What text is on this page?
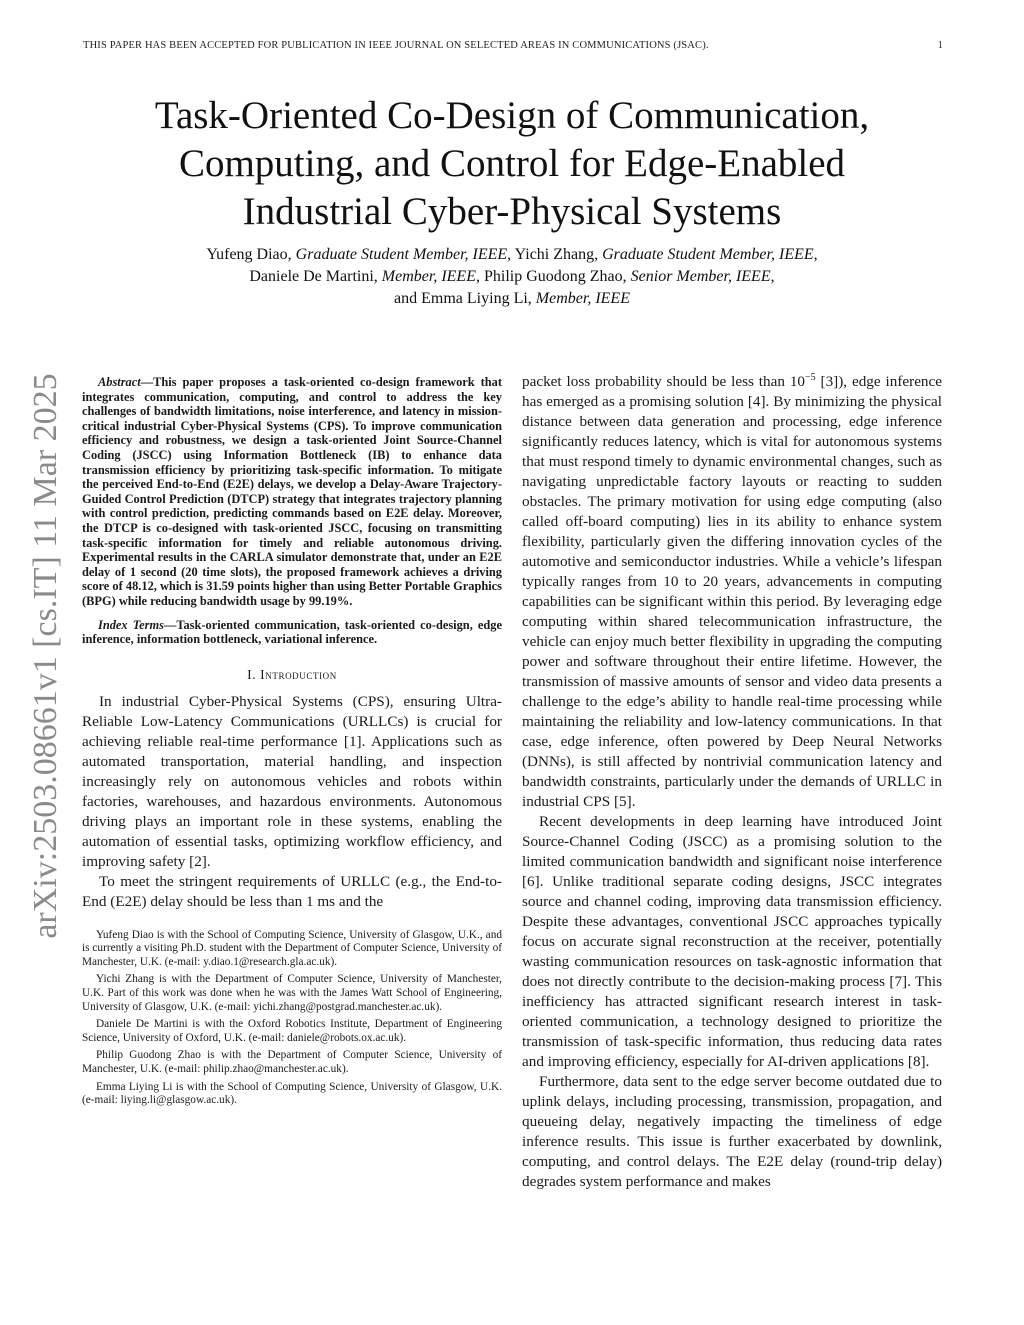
THIS PAPER HAS BEEN ACCEPTED FOR PUBLICATION IN IEEE JOURNAL ON SELECTED AREAS IN COMMUNICATIONS (JSAC).	1
Task-Oriented Co-Design of Communication,
Computing, and Control for Edge-Enabled
Industrial Cyber-Physical Systems
Yufeng Diao, Graduate Student Member, IEEE, Yichi Zhang, Graduate Student Member, IEEE,
Daniele De Martini, Member, IEEE, Philip Guodong Zhao, Senior Member, IEEE,
and Emma Liying Li, Member, IEEE
arXiv:2503.08661v1 [cs.IT] 11 Mar 2025	Abstract—This paper proposes a task-oriented co-design framework that integrates communication, computing, and control to address the key challenges of bandwidth limitations, noise interference, and latency in mission-critical industrial Cyber-Physical Systems (CPS). To improve communication efficiency and robustness, we design a task-oriented Joint Source-Channel Coding (JSCC) using Information Bottleneck (IB) to enhance data transmission efficiency by prioritizing task-specific information. To mitigate the perceived End-to-End (E2E) delays, we develop a Delay-Aware Trajectory-Guided Control Prediction (DTCP) strategy that integrates trajectory planning with control prediction, predicting commands based on E2E delay. Moreover, the DTCP is co-designed with task-oriented JSCC, focusing on transmitting task-specific information for timely and reliable autonomous driving. Experimental results in the CARLA simulator demonstrate that, under an E2E delay of 1 second (20 time slots), the proposed framework achieves a driving score of 48.12, which is 31.59 points higher than using Better Portable Graphics (BPG) while reducing bandwidth usage by 99.19%.

Index Terms—Task-oriented communication, task-oriented co-design, edge inference, information bottleneck, variational inference.

I. Introduction

In industrial Cyber-Physical Systems (CPS), ensuring Ultra-Reliable Low-Latency Communications (URLLCs) is crucial for achieving reliable real-time performance [1]. Applications such as automated transportation, material handling, and inspection increasingly rely on autonomous vehicles and robots within factories, warehouses, and hazardous environments. Autonomous driving plays an important role in these systems, enabling the automation of essential tasks, optimizing workflow efficiency, and improving safety [2].

To meet the stringent requirements of URLLC (e.g., the End-to-End (E2E) delay should be less than 1 ms and the

Yufeng Diao is with the School of Computing Science, University of Glasgow, U.K., and is currently a visiting Ph.D. student with the Department of Computer Science, University of Manchester, U.K. (e-mail: y.diao.1@research.gla.ac.uk).

Yichi Zhang is with the Department of Computer Science, University of Manchester, U.K. Part of this work was done when he was with the James Watt School of Engineering, University of Glasgow, U.K. (e-mail: yichi.zhang@postgrad.manchester.ac.uk).

Daniele De Martini is with the Oxford Robotics Institute, Department of Engineering Science, University of Oxford, U.K. (e-mail: daniele@robots.ox.ac.uk).

Philip Guodong Zhao is with the Department of Computer Science, University of Manchester, U.K. (e-mail: philip.zhao@manchester.ac.uk).

Emma Liying Li is with the School of Computing Science, University of Glasgow, U.K. (e-mail: liying.li@glasgow.ac.uk).

packet loss probability should be less than $10^{-5}$ [3]), edge inference has emerged as a promising solution [4]. By minimizing the physical distance between data generation and processing, edge inference significantly reduces latency, which is vital for autonomous systems that must respond timely to dynamic environmental changes, such as navigating unpredictable factory layouts or reacting to sudden obstacles. The primary motivation for using edge computing (also called off-board computing) lies in its ability to enhance system flexibility, particularly given the differing innovation cycles of the automotive and semiconductor industries. While a vehicle’s lifespan typically ranges from 10 to 20 years, advancements in computing capabilities can be significant within this period. By leveraging edge computing within shared telecommunication infrastructure, the vehicle can enjoy much better flexibility in upgrading the computing power and software throughout their entire lifetime. However, the transmission of massive amounts of sensor and video data presents a challenge to the edge’s ability to handle real-time processing while maintaining the reliability and low-latency communications. In that case, edge inference, often powered by Deep Neural Networks (DNNs), is still affected by nontrivial communication latency and bandwidth constraints, particularly under the demands of URLLC in industrial CPS [5].

Recent developments in deep learning have introduced Joint Source-Channel Coding (JSCC) as a promising solution to the limited communication bandwidth and significant noise interference [6]. Unlike traditional separate coding designs, JSCC integrates source and channel coding, improving data transmission efficiency. Despite these advantages, conventional JSCC approaches typically focus on accurate signal reconstruction at the receiver, potentially wasting communication resources on task-agnostic information that does not directly contribute to the decision-making process [7]. This inefficiency has attracted significant research interest in task-oriented communication, a technology designed to prioritize the transmission of task-specific information, thus reducing data rates and improving efficiency, especially for AI-driven applications [8].

Furthermore, data sent to the edge server become outdated due to uplink delays, including processing, transmission, propagation, and queueing delay, negatively impacting the timeliness of edge inference results. This issue is further exacerbated by downlink, computing, and control delays. The E2E delay (round-trip delay) degrades system performance and makes
